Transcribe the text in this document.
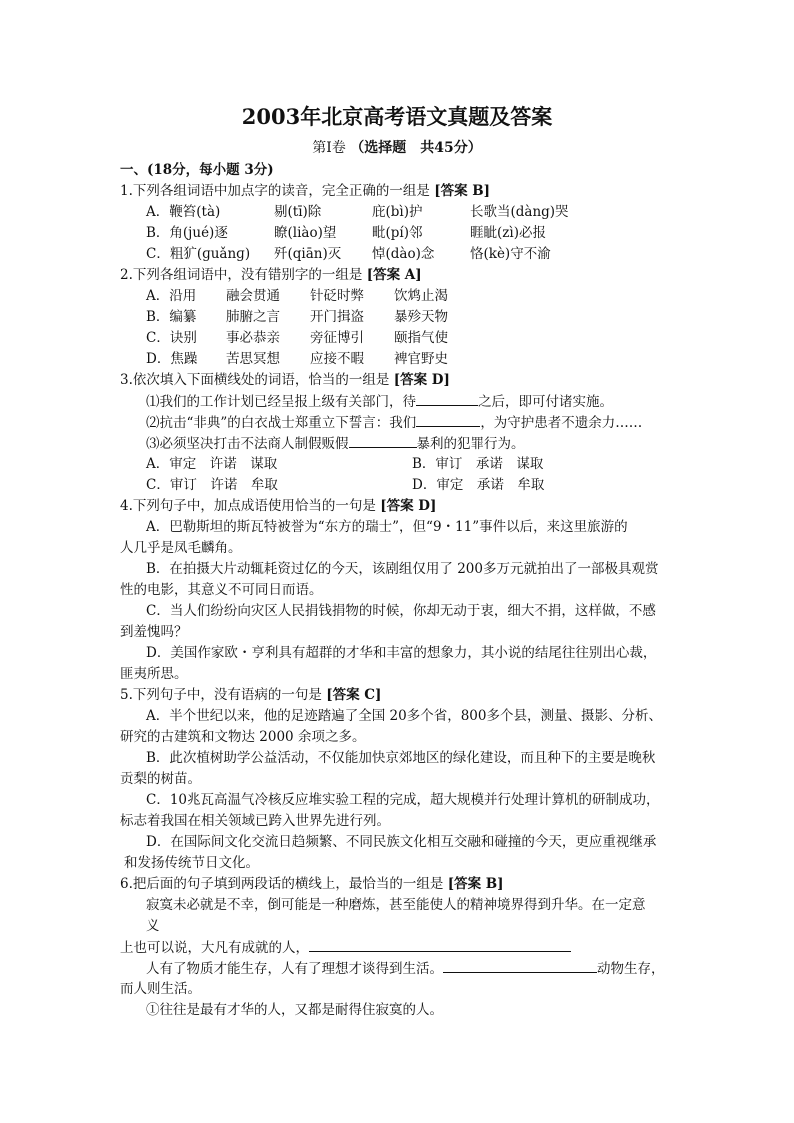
2003年北京高考语文真题及答案
第Ⅰ卷 （选择题　共45分）
一、(18分，每小题 3分)
1.下列各组词语中加点字的读音，完全正确的一组是 [答案 B]
A．鞭笞(tà)	剔(tī)除	庇(bì)护	长歌当(dàng)哭
B．角(jué)逐	瞭(liào)望	毗(pí)邻	睚眦(zì)必报
C．粗犷(ɡuǎnɡ) 歼(qiān)灭 悼(dào)念	恪(kè)守不渝
2.下列各组词语中，没有错别字的一组是 [答案 A]
A．沿用 融会贯通 针砭时弊 饮鸩止渴
B．编纂 肺腑之言 开门揖盗 暴殄天物
C．诀别 事必恭亲 旁征博引 颐指气使
D．焦躁 苦思冥想 应接不暇 裨官野史
3.依次填入下面横线处的词语，恰当的一组是 [答案 D]
⑴我们的工作计划已经呈报上级有关部门，待	之后，即可付诸实施。
⑵抗击“非典”的白衣战士郑重立下誓言：我们	，为守护患者不遗余力……
⑶必须坚决打击不法商人制假贩假	暴利的犯罪行为。
A．审定　许诺　谋取	B．审订　承诺　谋取
C．审订　许诺　牟取	D．审定　承诺　牟取
4.下列句子中，加点成语使用恰当的一句是 [答案 D]
A．巴勒斯坦的斯瓦特被誉为“东方的瑞士”，但“9・11”事件以后，来这里旅游的
人几乎是凤毛麟角。
B．在拍摄大片动辄耗资过亿的今天，该剧组仅用了 200多万元就拍出了一部极具观赏
性的电影，其意义不可同日而语。
C．当人们纷纷向灾区人民捐钱捐物的时候，你却无动于衷，细大不捐，这样做，不感
到羞愧吗？
D．美国作家欧・亨利具有超群的才华和丰富的想象力，其小说的结尾往往别出心裁，
匪夷所思。
5.下列句子中，没有语病的一句是 [答案 C]
A．半个世纪以来，他的足迹踏遍了全国 20多个省，800多个县，测量、摄影、分析、
研究的古建筑和文物达 2000 余项之多。
B．此次植树助学公益活动，不仅能加快京郊地区的绿化建设，而且种下的主要是晚秋
贡梨的树苗。
C．10兆瓦高温气冷核反应堆实验工程的完成，超大规模并行处理计算机的研制成功，
标志着我国在相关领域已跨入世界先进行列。
D．在国际间文化交流日趋频繁、不同民族文化相互交融和碰撞的今天，更应重视继承
和发扬传统节日文化。
6.把后面的句子填到两段话的横线上，最恰当的一组是 [答案 B]
寂寞未必就是不幸，倒可能是一种磨炼，甚至能使人的精神境界得到升华。在一定意
义
上也可以说，大凡有成就的人，
人有了物质才能生存，人有了理想才谈得到生活。	动物生存，
而人则生活。
①往往是最有才华的人，又都是耐得住寂寞的人。
